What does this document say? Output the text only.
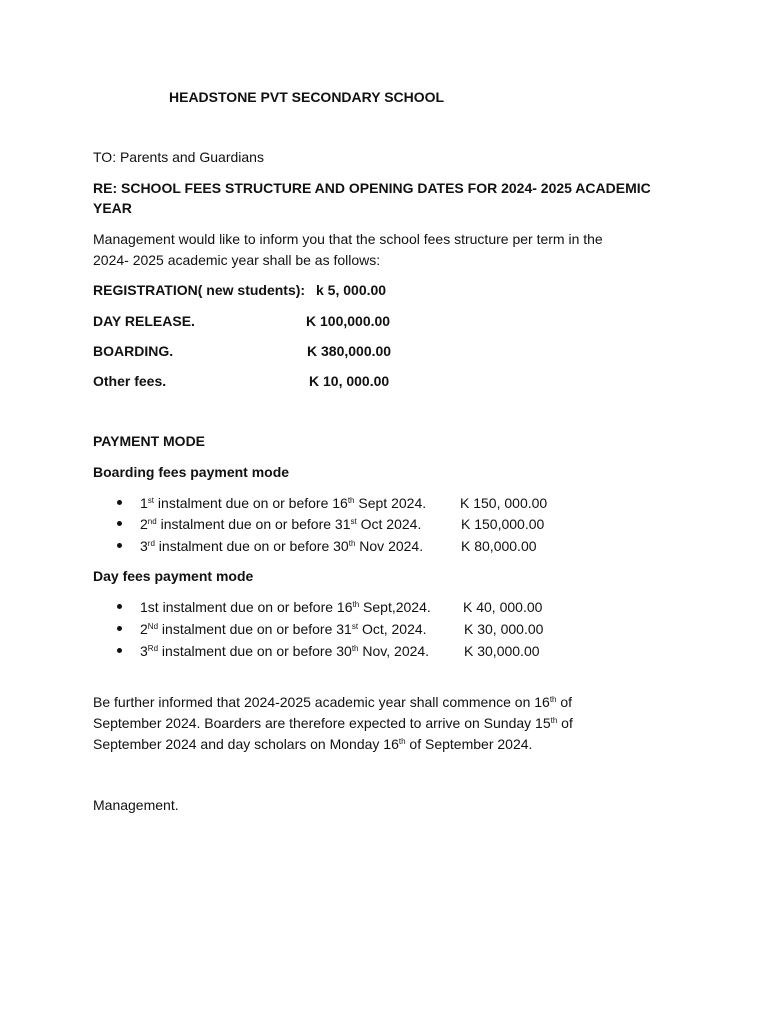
HEADSTONE PVT SECONDARY SCHOOL
TO: Parents and Guardians
RE: SCHOOL FEES STRUCTURE AND OPENING DATES FOR 2024- 2025 ACADEMIC
YEAR
Management would like to inform you that the school fees structure per term in the
2024- 2025 academic year shall be as follows:
REGISTRATION( new students): k 5, 000.00
DAY RELEASE.	K 100,000.00
BOARDING.	K 380,000.00
Other fees.	K 10, 000.00
PAYMENT MODE
Boarding fees payment mode
1st instalment due on or before 16th Sept 2024. K 150, 000.00
2nd instalment due on or before 31st Oct 2024.	K 150,000.00
3rd instalment due on or before 30th Nov 2024.	K 80,000.00
Day fees payment mode
1st instalment due on or before 16th Sept,2024. K 40, 000.00
2Nd instalment due on or before 31st Oct, 2024.	K 30, 000.00
3Rd instalment due on or before 30th Nov, 2024. K 30,000.00
Be further informed that 2024-2025 academic year shall commence on 16th of
September 2024. Boarders are therefore expected to arrive on Sunday 15th of
September 2024 and day scholars on Monday 16th of September 2024.
Management.
